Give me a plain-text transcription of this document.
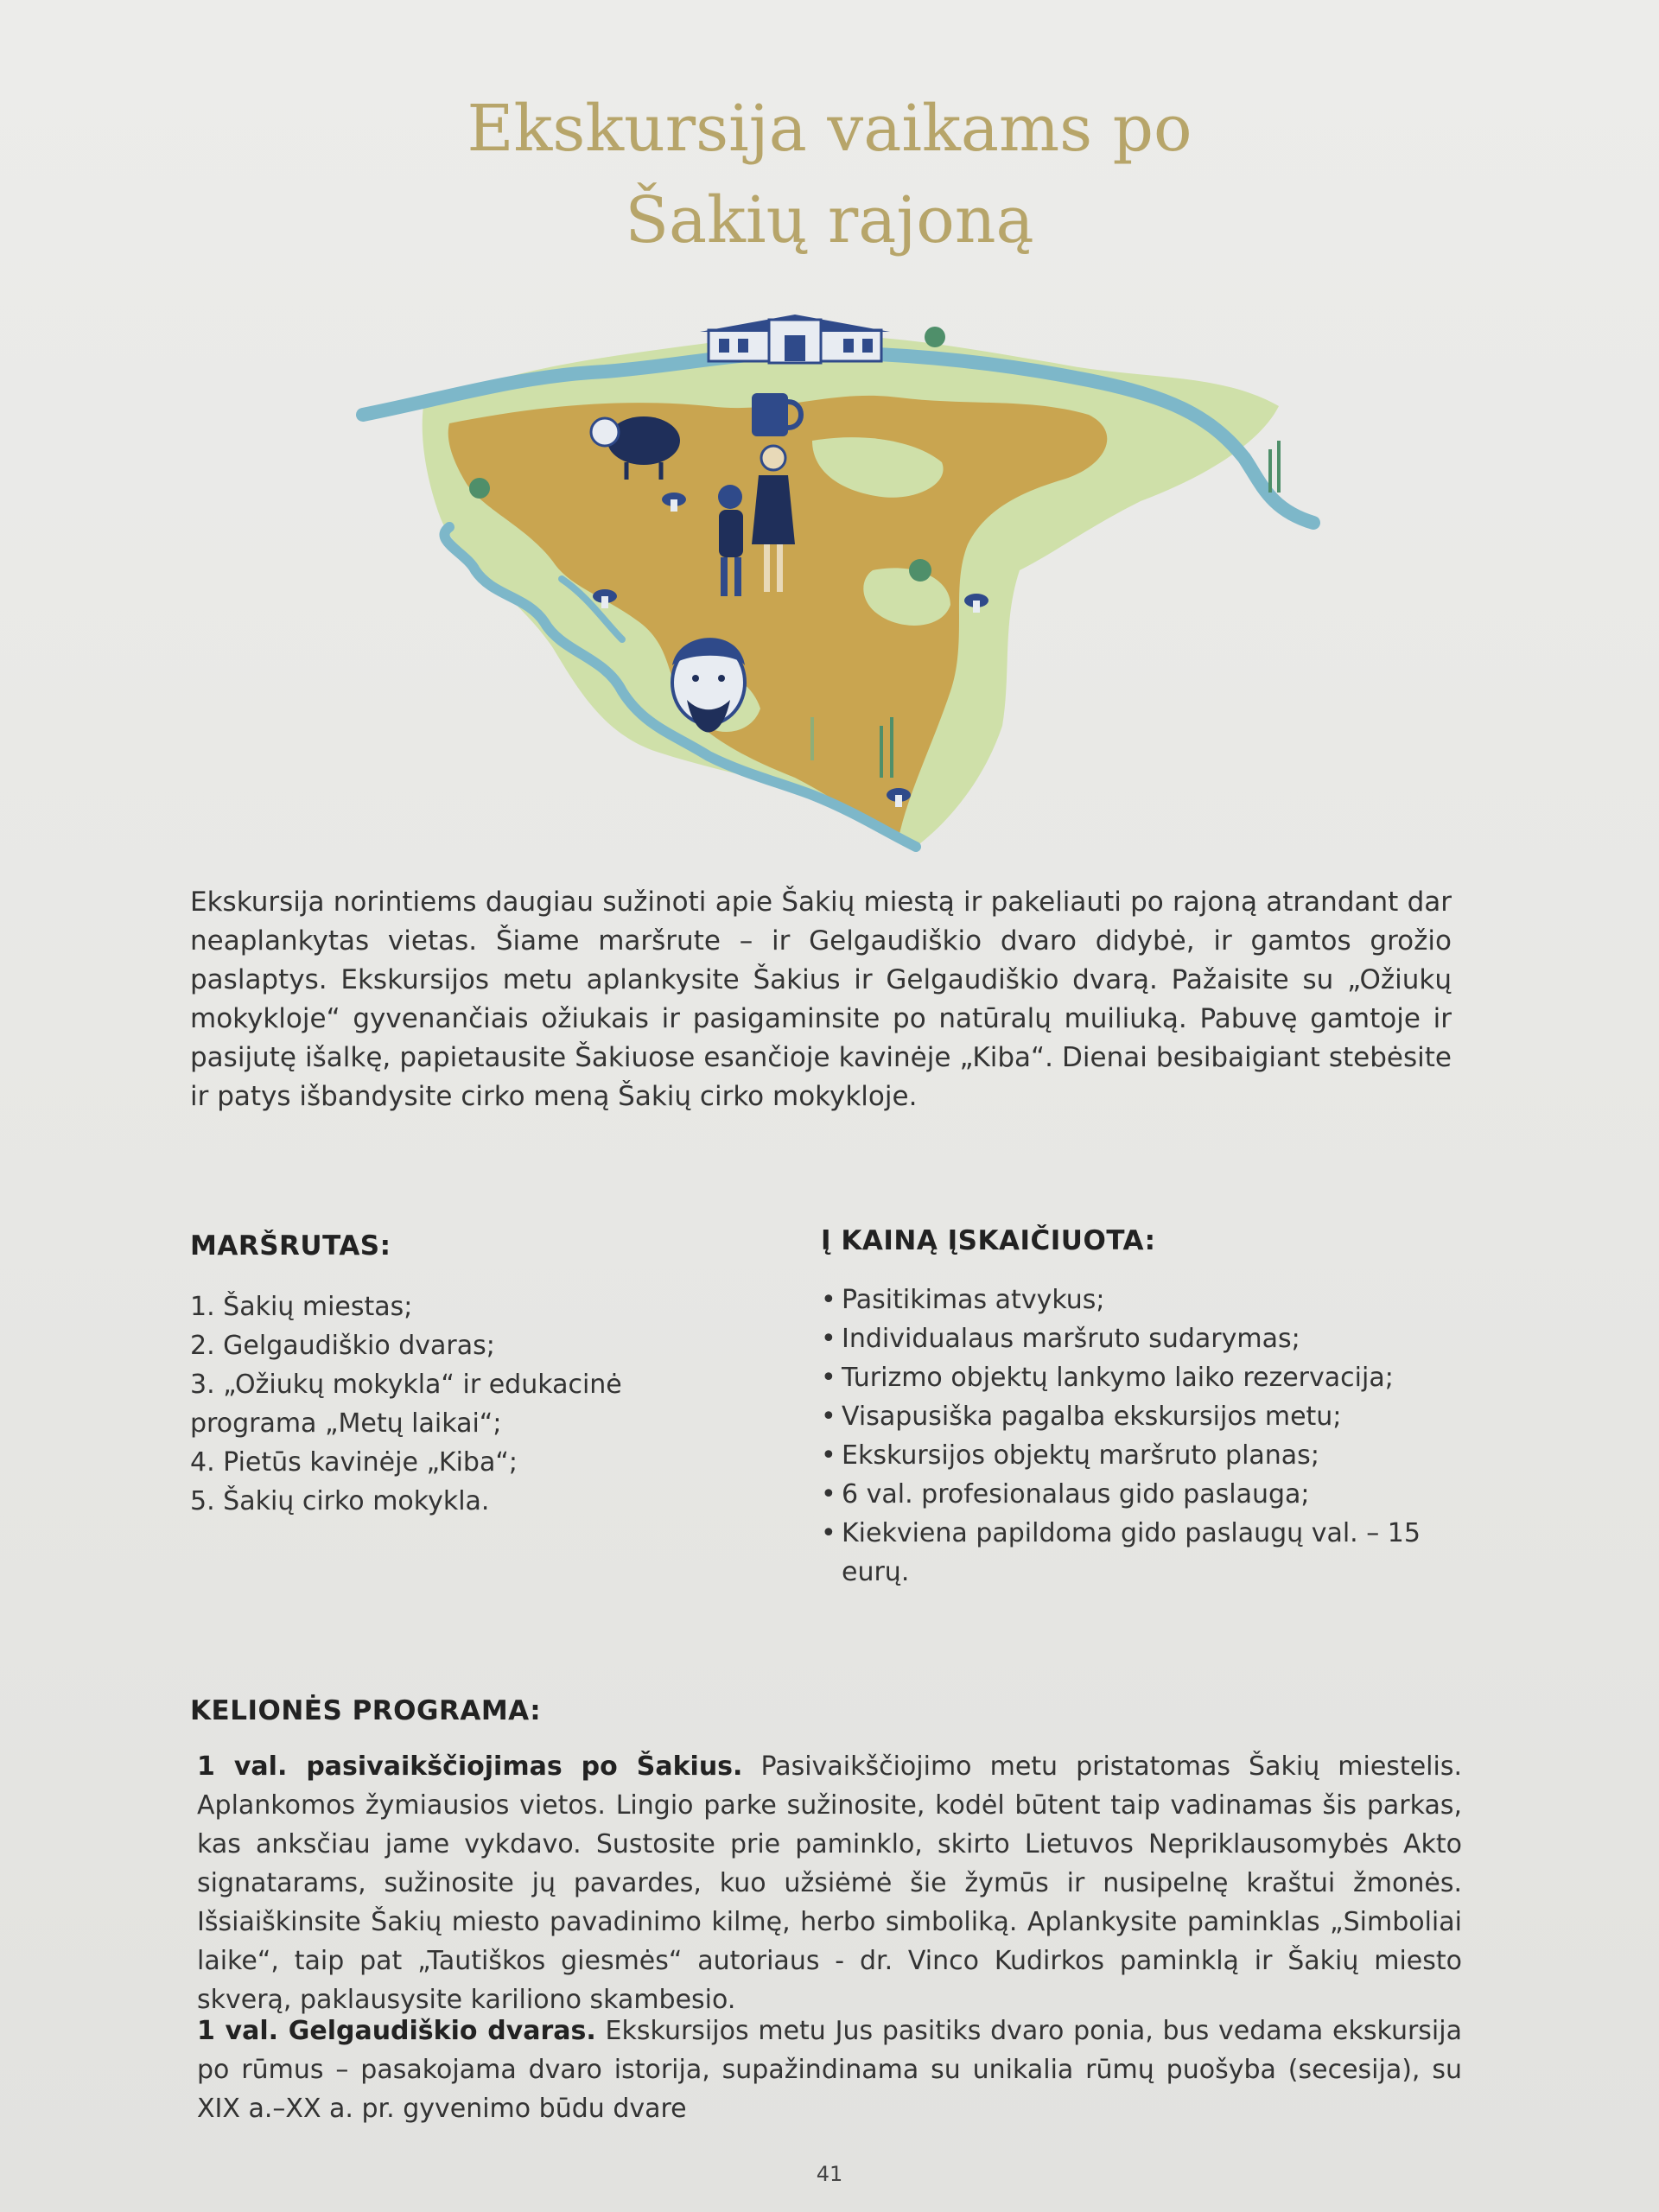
Ekskursija vaikams po
Šakių rajoną

Ekskursija norintiems daugiau sužinoti apie Šakių miestą ir pakeliauti po rajoną atrandant dar neaplankytas vietas. Šiame maršrute – ir Gelgaudiškio dvaro didybė, ir gamtos grožio paslaptys. Ekskursijos metu aplankysite Šakius ir Gelgaudiškio dvarą. Pažaisite su „Ožiukų mokykloje“ gyvenančiais ožiukais ir pasigaminsite po natūralų muiliuką. Pabuvę gamtoje ir pasijutę išalkę, papietausite Šakiuose esančioje kavinėje „Kiba“. Dienai besibaigiant stebėsite ir patys išbandysite cirko meną Šakių cirko mokykloje.

MARŠRUTAS:
1. Šakių miestas;
2. Gelgaudiškio dvaras;
3. „Ožiukų mokykla“ ir edukacinė programa „Metų laikai“;
4. Pietūs kavinėje „Kiba“;
5. Šakių cirko mokykla.
Į KAINĄ ĮSKAIČIUOTA:
• Pasitikimas atvykus;
• Individualaus maršruto sudarymas;
• Turizmo objektų lankymo laiko rezervacija;
• Visapusiška pagalba ekskursijos metu;
• Ekskursijos objektų maršruto planas;
• 6 val. profesionalaus gido paslauga;
• Kiekviena papildoma gido paslaugų val. – 15 eurų.
KELIONĖS PROGRAMA:

1 val. pasivaikščiojimas po Šakius. Pasivaikščiojimo metu pristatomas Šakių miestelis. Aplankomos žymiausios vietos. Lingio parke sužinosite, kodėl būtent taip vadinamas šis parkas, kas anksčiau jame vykdavo. Sustosite prie paminklo, skirto Lietuvos Nepriklausomybės Akto signatarams, sužinosite jų pavardes, kuo užsiėmė šie žymūs ir nusipelnę kraštui žmonės. Išsiaiškinsite Šakių miesto pavadinimo kilmę, herbo simboliką. Aplankysite paminklas „Simboliai laike“, taip pat „Tautiškos giesmės“ autoriaus - dr. Vinco Kudirkos paminklą ir Šakių miesto skverą, paklausysite kariliono skambesio.

1 val. Gelgaudiškio dvaras. Ekskursijos metu Jus pasitiks dvaro ponia, bus vedama ekskursija po rūmus – pasakojama dvaro istorija, supažindinama su unikalia rūmų puošyba (secesija), su XIX a.–XX a. pr. gyvenimo būdu dvare

41
